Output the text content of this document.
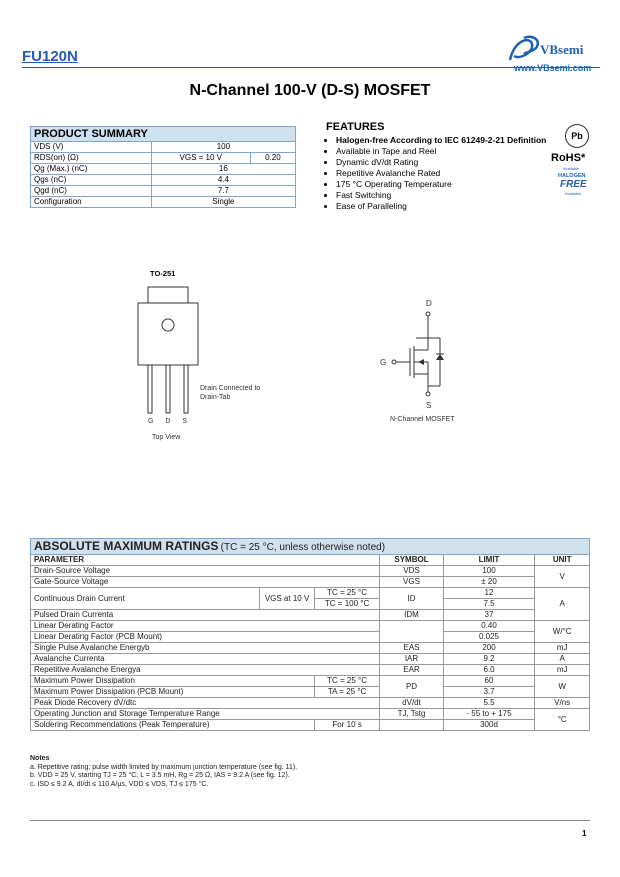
FU120N	VBsemi
www.VBsemi.com
N-Channel 100-V (D-S) MOSFET
PRODUCT SUMMARY		
VDS (V)	100	
RDS(on) (Ω)	VGS = 10 V	0.20
Qg (Max.) (nC)	16	
Qgs (nC)	4.4	
Qgd (nC)	7.7	
Configuration	Single	
FEATURES
• Halogen-free According to IEC 61249-2-21 Definition
• Available in Tape and Reel
• Dynamic dV/dt Rating
• Repetitive Avalanche Rated
• 175 °C Operating Temperature
• Fast Switching
• Ease of Paralleling
Pb
RoHS*
Available
HALOGEN
FREE
Available
TO-251
Drain Connected to
Drain-Tab
G D S
Top View
D
G
S
N-Channel MOSFET
ABSOLUTE MAXIMUM RATINGS (TC = 25 °C, unless otherwise noted)					
PARAMETER			SYMBOL	LIMIT	UNIT
Drain-Source Voltage			VDS	100	V
Gate-Source Voltage			VGS	± 20	
Continuous Drain Current	VGS at 10 V	TC = 25 °C	ID	12	A
		TC = 100 °C		7.5	
Pulsed Drain Currenta			IDM	37	
Linear Derating Factor				0.40	W/°C
Linear Derating Factor (PCB Mount)				0.025	
Single Pulse Avalanche Energyb			EAS	200	mJ
Avalanche Currenta			IAR	9.2	A
Repetitive Avalanche Energya			EAR	6.0	mJ
Maximum Power Dissipation		TC = 25 °C	PD	60	W
Maximum Power Dissipation (PCB Mount)		TA = 25 °C		3.7	
Peak Diode Recovery dV/dtc			dV/dt	5.5	V/ns
Operating Junction and Storage Temperature Range			TJ, Tstg	- 55 to + 175	°C
Soldering Recommendations (Peak Temperature)		For 10 s		300d	
Notes
a. Repetitive rating; pulse width limited by maximum junction temperature (see fig. 11).
b. VDD = 25 V, starting TJ = 25 °C, L = 3.5 mH, Rg = 25 Ω, IAS = 9.2 A (see fig. 12).
c. ISD ≤ 9.2 A, dI/dt ≤ 110 A/µs, VDD ≤ VDS, TJ ≤ 175 °C.
1
